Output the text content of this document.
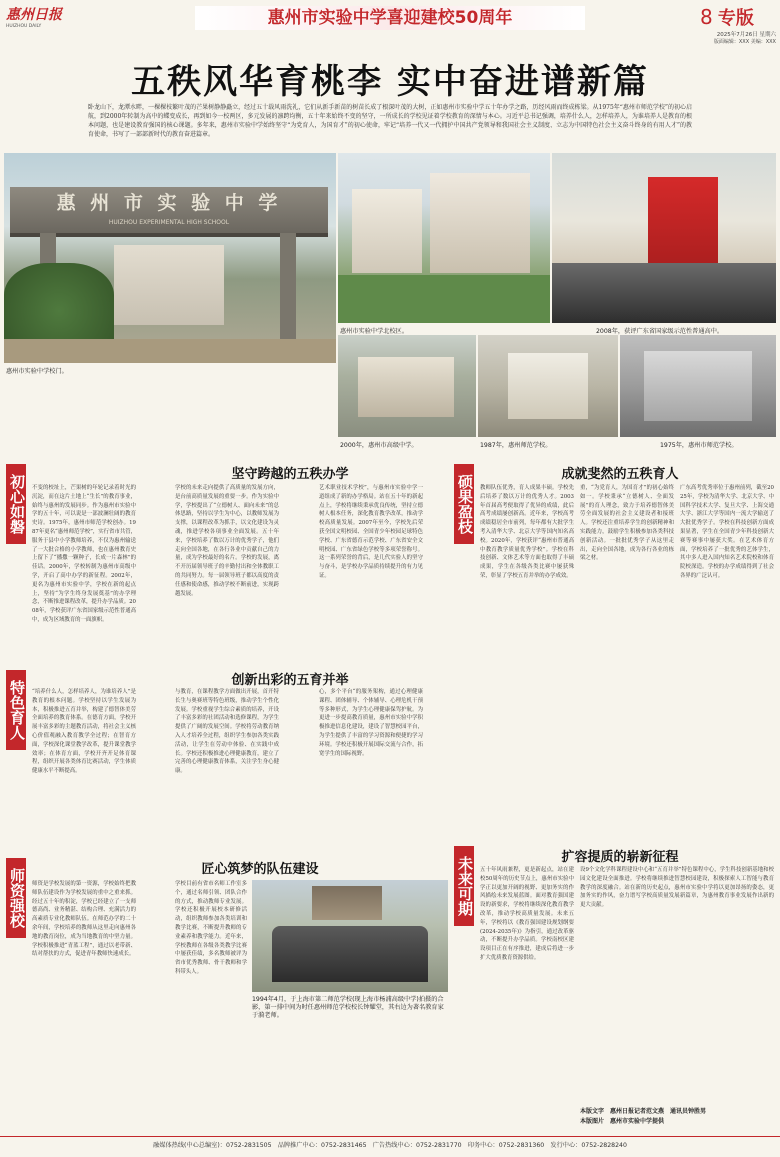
惠州日报
HUIZHOU DAILY	惠州市实验中学喜迎建校50周年	8 专版
2025年7月26日 星期六
版面编辑：XXX 美编：XXX
五秩风华育桃李 实中奋进谱新篇
卧龙山下，龙潭水畔，一棵棵枝繁叶茂的芒果树静静矗立，经过五十载风雨洗礼，它们从新手新苗的树苗长成了根深叶茂的大树，正如惠州市实验中学五十年办学之路，历经风雨而终成栋梁。从1975年“惠州市师范学校”的初心启航，到2000年转制为高中的蝶变成长，再到如今一校两区，多元发展的凛跨均衡，五十年来始终不变的坚守，一所成长的学校见证着学校教育的深情与本心。习近平总书记强调，培养什么人，怎样培养人，为谁培养人是教育的根本问题，也是建设教育强国的核心课题。多年来，惠州市实验中学始终坚守“为党育人，为国育才”的初心使命，牢记“培养一代又一代拥护中国共产党领导和我国社会主义制度、立志为中国特色社会主义奋斗终身的有用人才”的教育使命，书写了一部部新时代的教育奋进篇章。
惠 州 市 实 验 中 学
HUIZHOU EXPERIMENTAL HIGH SCHOOL
惠州市实验中学校门。
惠州市实验中学北校区。	2008年，获评广东省国家级示范性普通高中。
2000年，惠州市高级中学。	1987年，惠州师范学校。	1975年，惠州市师范学校。
初心如磐	坚守跨越的五秩办学
不变的校址上，芒果树的年轮记录着时光的沉淀，而在这片土地上“生长”的教育事业，始终与惠州的发展同步。作为惠州市实验中学的五十年，可以说是一部波澜壮阔的教育史诗。1975年，惠州市师范学校创办。1987年更名“惠州师范学校”，实行省市共管，服务于县中小学教师培养，不仅为惠州输送了一大批合格的小学教师，也在惠州教育史上留下了“播撒一颗种子，长成一片森林”的佳话。2000年，学校转制为惠州市高级中学，开启了高中办学的新征程。2002年，更名为惠州市实验中学，学校在新的起点上，坚持“为学生终身发展奠基”的办学理念，不断推进课程改革，提升办学品质。2008年，学校获评广东省国家级示范性普通高中，成为区域教育的一面旗帜。
学校的未来走向提供了高质量的发展方向，是台前高质量发展的重要一步。作为实验中学，学校提出了“立德树人、面向未来”的总体思路，坚持以学生为中心，以教师发展为支撑，以课程改革为抓手，以文化建设为灵魂，推进学校各项事业全面发展。五十年来，学校培养了数以万计的优秀学子，他们走向全国各地，在各行各业中贡献自己的力量，成为学校最好的名片。学校的发展，离不开历届领导班子的辛勤付出和全体教职工的共同努力。每一届领导班子都以高度的责任感和使命感，推动学校不断前进，实现跨越发展。
艺术职业技术学校”，与惠州市实验中学一道组成了新的办学格局。站在五十年的新起点上，学校将继续秉承优良传统，坚持立德树人根本任务，深化教育教学改革，推动学校高质量发展。2007年至今，学校先后荣获全国文明校园、全国青少年校园足球特色学校、广东省德育示范学校、广东省安全文明校园、广东省绿色学校等多项荣誉称号。这一系列荣誉的背后，是几代实验人的坚守与奋斗，是学校办学品质持续提升的有力见证。
特色育人	创新出彩的五育并举
“培养什么人，怎样培养人，为谁培养人”是教育的根本问题。学校坚持以学生发展为本，积极推进五育并举，构建了德智体美劳全面培养的教育体系。在德育方面，学校开展丰富多彩的主题教育活动，将社会主义核心价值观融入教育教学全过程；在智育方面，学校深化课堂教学改革，提升课堂教学效率；在体育方面，学校开齐开足体育课程，组织开展各类体育比赛活动，学生体质健康水平不断提高。
与教育，在课程教学方面做出开展，首开特长生与奥赛班等特色班级，推动学生个性化发展。学校重视学生综合素质的培养，开设了丰富多彩的社团活动和选修课程，为学生提供了广阔的发展空间。学校将劳动教育纳入人才培养全过程，组织学生参加各类实践活动，让学生在劳动中体验、在实践中成长。学校还积极推进心理健康教育，建立了完善的心理健康教育体系，关注学生身心健康。
心，多个平台“的服务架构，通过心理健康课程、团体辅导、个体辅导、心理危机干预等多种形式，为学生心理健康保驾护航。为更进一步提高教育质量，惠州市实验中学积极推进信息化建设，建设了智慧校园平台，为学生提供了丰富的学习资源和便捷的学习环境。学校还积极开展国际交流与合作，拓宽学生的国际视野。
师资强校	匠心筑梦的队伍建设
师资是学校发展的第一资源，学校始终把教师队伍建设作为学校发展的重中之重来抓。经过五十年的积淀，学校已经建立了一支师德高尚、业务精湛、结构合理、充满活力的高素质专业化教师队伍。在师范办学的二十余年间，学校培养的教师从这里走向惠州各地的教育岗位，成为当地教育的中坚力量。学校积极推进“青蓝工程”，通过以老带新、结对帮扶的方式，促进青年教师快速成长。
学校目前有省市名师工作室多个，通过名师引领、团队合作的方式，推动教师专业发展。学校还积极开展校本研修活动，组织教师参加各类培训和教学比赛，不断提升教师的专业素养和教学能力。近年来，学校教师在各级各类教学比赛中屡获佳绩，多名教师被评为省市优秀教师、骨干教师和学科带头人。
1994年4月，于上海市第二师范学校(现上海市杨浦高级中学)拍摄的合影，第一排中间为时任惠州师范学校校长钟耀堂，其右边为著名教育家于漪老师。
硕果盈枝	成就斐然的五秩育人
教师队伍优秀，育人成果丰硕。学校先后培养了数以万计的优秀人才。2003年首届高考便取得了优异的成绩，此后高考成绩屡创新高。近年来，学校高考成绩稳居全市前列，每年都有大批学生考入清华大学、北京大学等国内知名高校。2020年，学校获评“惠州市普通高中教育教学质量优秀学校”。学校在科技创新、文体艺术等方面也取得了丰硕成果，学生在各级各类比赛中屡获殊荣，彰显了学校五育并举的办学成效。
重，“为党育人，为国育才”的初心始终如一。学校秉承“立德树人、全面发展”的育人理念，致力于培养德智体美劳全面发展的社会主义建设者和接班人。学校还注重培养学生的创新精神和实践能力，鼓励学生积极参加各类科技创新活动。一批批优秀学子从这里走出，走向全国各地，成为各行各业的栋梁之材。
广东高考优秀率位于惠州前列，截至2025年，学校为清华大学、北京大学、中国科学技术大学、复旦大学、上海交通大学、浙江大学等国内一流大学输送了大批优秀学子。学校在科技创新方面成果显著，学生在全国青少年科技创新大赛等赛事中屡获大奖。在艺术体育方面，学校培养了一批优秀的艺体学生，其中多人进入国内知名艺术院校和体育院校深造。学校的办学成绩得到了社会各界的广泛认可。
未来可期	扩容提质的崭新征程
五十年风雨兼程，更是新起点，站在建校50周年的历史节点上，惠州市实验中学正以更加开阔的视野、更加务实的作风描绘未来发展蓝图。面对教育强国建设的新要求，学校将继续深化教育教学改革，推动学校高质量发展。未来五年，学校将以《教育强国建设规划纲要(2024-2035年)》为指引，通过改革驱动，不断提升办学品质。学校南校区建设项目正在有序推进，建成后将进一步扩大优质教育资源供给。
设9个文化学科课程建设中心和“五育并举”特色课程中心，学生科技创新基地和校园文化建设全面推进。学校将继续推进智慧校园建设，积极探索人工智能与教育教学的深度融合。站在新的历史起点，惠州市实验中学将以更加昂扬的姿态，更加务实的作风，奋力谱写学校高质量发展新篇章，为惠州教育事业发展作出新的更大贡献。
本版文字　惠州日报记者范文燕　通讯员钟胜男
本版图片　惠州市实验中学提供
融媒体热线(中心总编室)：0752-2831505　品牌推广中心：0752-2831465　广告热线中心：0752-2831770　印务中心：0752-2831360　发行中心：0752-2828240
